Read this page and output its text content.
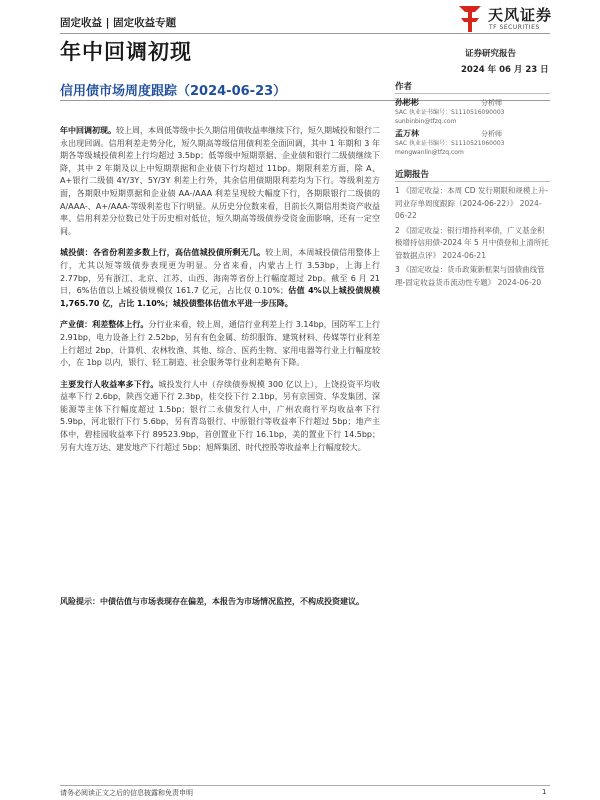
固定收益 | 固定收益专题	天风证券
TF SECURITIES
年中回调初现	证券研究报告
2024 年 06 月 23 日
信用债市场周度跟踪（2024-06-23）

年中回调初现。较上周，本周低等级中长久期信用债收益率继续下行，短久期城投和银行二永出现回调。信用利差走势分化，短久期高等级信用债利差全面回调，其中 1 年期和 3 年期各等级城投债利差上行均超过 3.5bp；低等级中短期票据、企业债和银行二级债继续下降，其中 2 年期及以上中短期票据和企业债下行均超过 11bp。期限利差方面，除 A、A+银行二级债 4Y/3Y、5Y/3Y 利差上行外，其余信用债期限利差均为下行。等级利差方面，各期限中短期票据和企业债 AA-/AAA 利差呈现较大幅度下行，各期限银行二级债的 A/AAA-、A+/AAA-等级利差也下行明显。从历史分位数来看，目前长久期信用类资产收益率、信用利差分位数已处于历史相对低位，短久期高等级债券受资金面影响，还有一定空间。

城投债：各省份利差多数上行，高估值城投债所剩无几。较上周，本周城投债信用整体上行，尤其以短等级债券表现更为明显。分省来看，内蒙古上行 3.53bp，上海上行 2.77bp，另有浙江、北京、江苏、山西、海南等省份上行幅度超过 2bp。截至 6 月 21 日，6%估值以上城投债规模仅 161.7 亿元，占比仅 0.10%；估值 4%以上城投债规模 1,765.70 亿，占比 1.10%；城投债整体估值水平进一步压降。

产业债：利差整体上行。分行业来看，较上周，通信行业利差上行 3.14bp，国防军工上行 2.91bp，电力设备上行 2.52bp，另有有色金属、纺织服饰、建筑材料、传媒等行业利差上行超过 2bp，计算机、农林牧渔、其他、综合、医药生物、家用电器等行业上行幅度较小，在 1bp 以内，银行、轻工制造、社会服务等行业利差略有下降。

主要发行人收益率多下行。城投发行人中（存续债券规模 300 亿以上），上饶投资平均收益率下行 2.6bp，陕西交通下行 2.3bp，桂交投下行 2.1bp，另有京国资、华发集团、深能源等主体下行幅度超过 1.5bp；银行二永债发行人中，广州农商行平均收益率下行 5.9bp，河北银行下行 5.6bp，另有青岛银行、中原银行等收益率下行超过 5bp；地产主体中，碧桂园收益率下行 89523.9bp，首创置业下行 16.1bp，美的置业下行 14.5bp；另有大连万达、建发地产下行超过 5bp；旭辉集团、时代控股等收益率上行幅度较大。

风险提示：中债估值与市场表现存在偏差，本报告为市场情况监控，不构成投资建议。
作者
孙彬彬	分析师
SAC 执业证书编号：S1110516090003
sunbinbin@tfzq.com
孟万林	分析师
SAC 执业证书编号：S1110521060003
mengwanlin@tfzq.com
近期报告
1 《固定收益：本周 CD 发行期限和规模上升-同业存单周度跟踪（2024-06-22）》 2024-06-22
2 《固定收益：银行增持利率债，广义基金积极增持信用债-2024 年 5 月中债登和上清所托管数据点评》 2024-06-21
3 《固定收益：货币政策新框架与国债曲线管理-固定收益货币流动性专题》 2024-06-20
请务必阅读正文之后的信息披露和免责申明	1
